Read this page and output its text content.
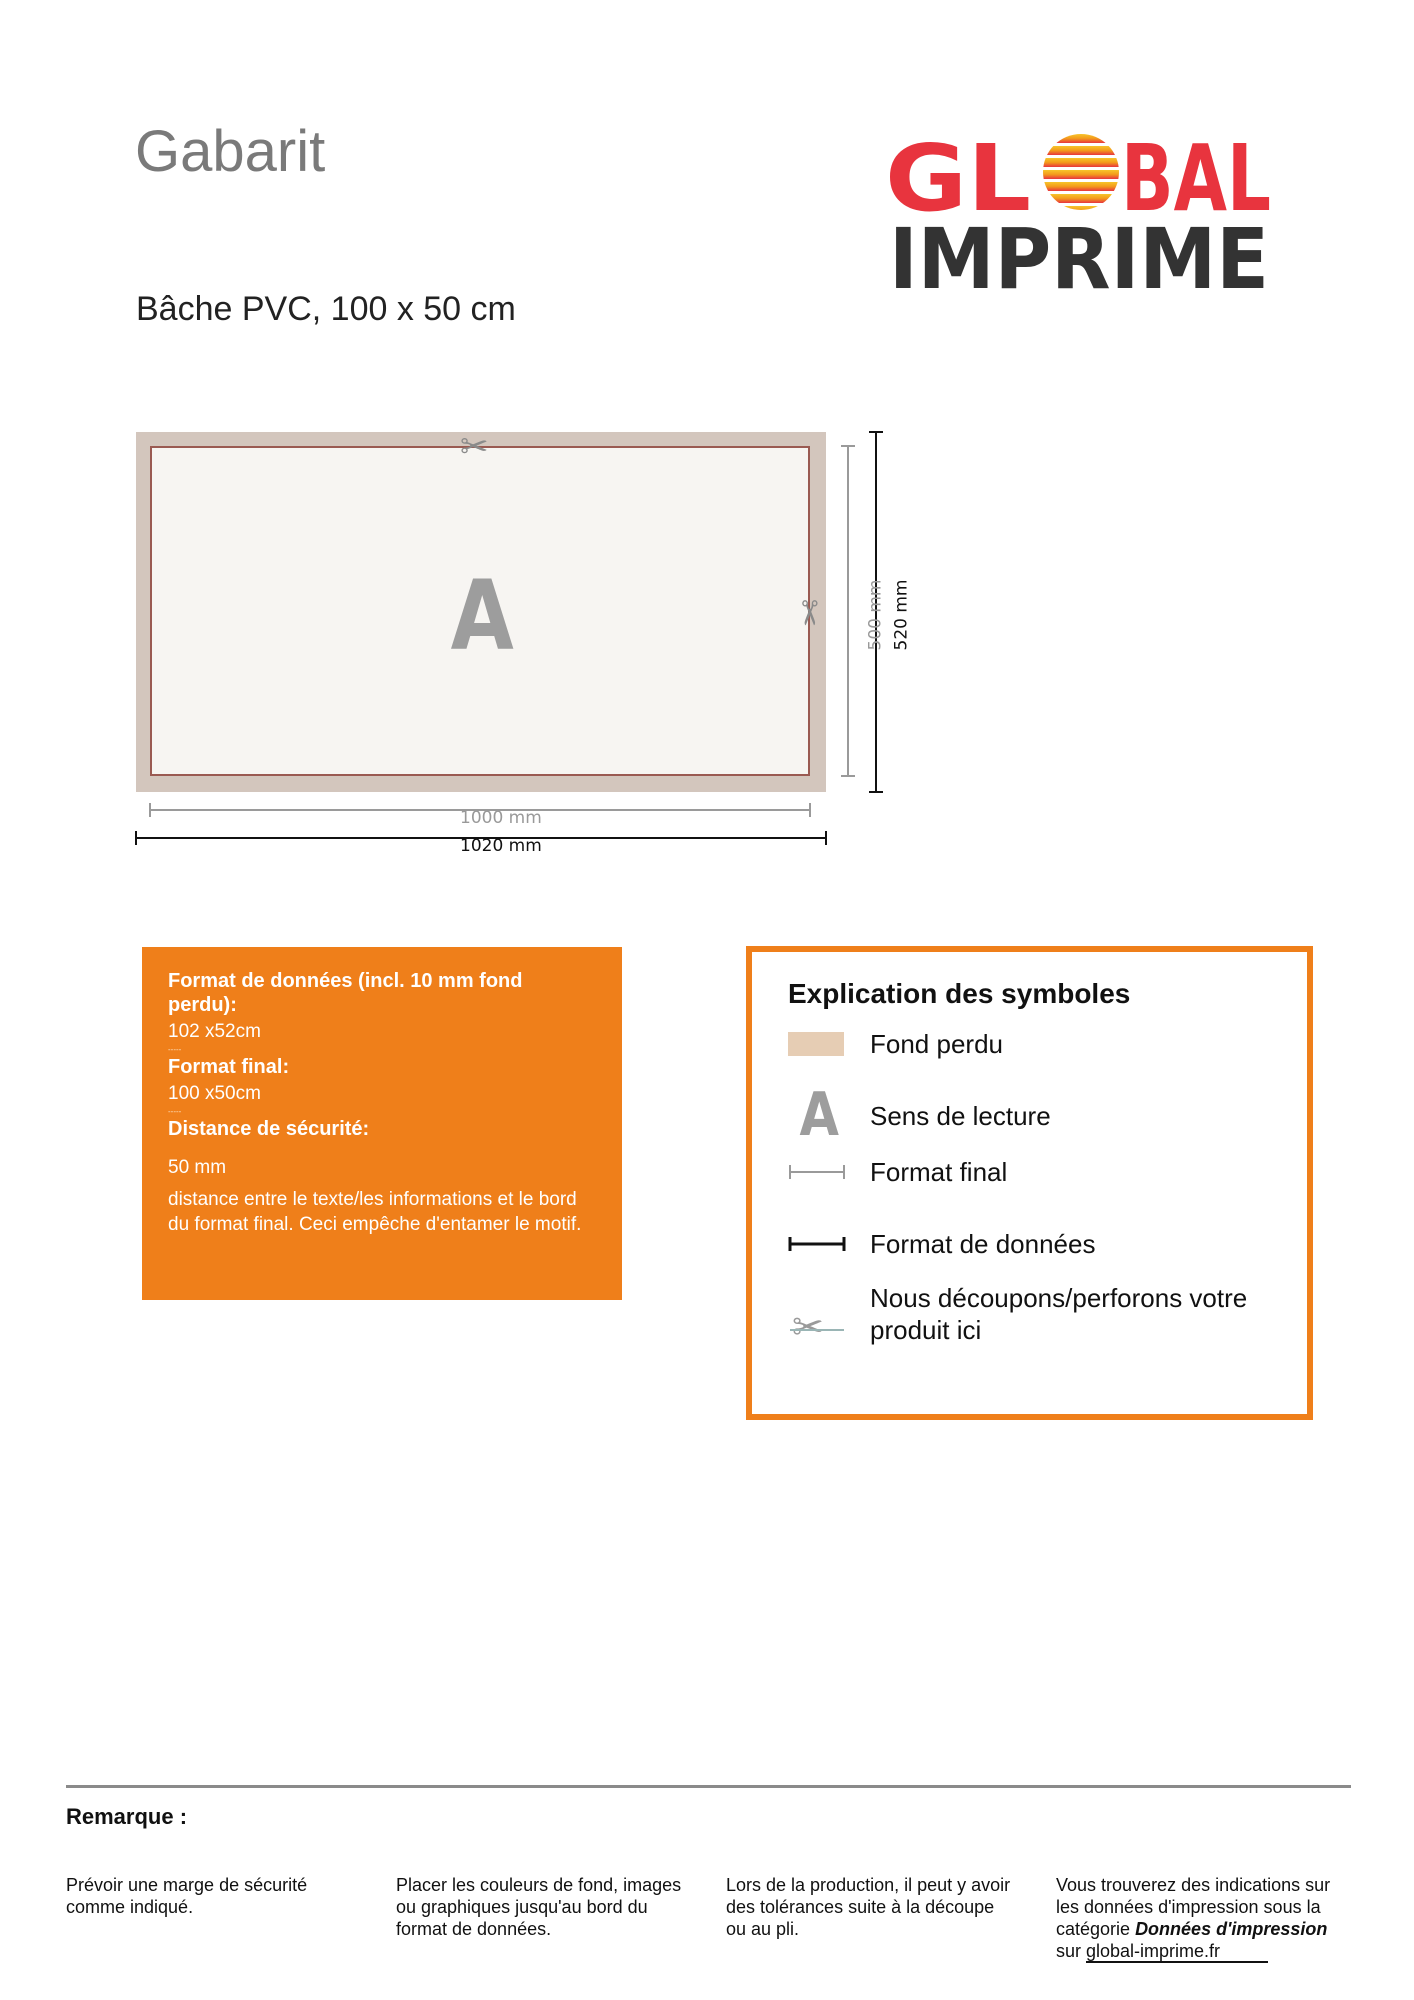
Gabarit
Bâche PVC, 100 x 50 cm
GL BAL
IMPRIME
A
✂
✂
1000 mm
1020 mm
500 mm 520 mm
Format de données (incl. 10 mm fond perdu):
102 x52cm
-----
Format final:
100 x50cm
-----
Distance de sécurité:
50 mm
distance entre le texte/les informations et le bord du format final. Ceci empêche d'entamer le motif.
Explication des symboles
Fond perdu
A Sens de lecture
Format final
Format de données
✂
Nous découpons/perforons votre produit ici
Remarque :
Prévoir une marge de sécurité comme indiqué.
Placer les couleurs de fond, images ou graphiques jusqu'au bord du format de données.
Lors de la production, il peut y avoir des tolérances suite à la découpe ou au pli.
Vous trouverez des indications sur les données d'impression sous la catégorie Données d'impression
sur global-imprime.fr
